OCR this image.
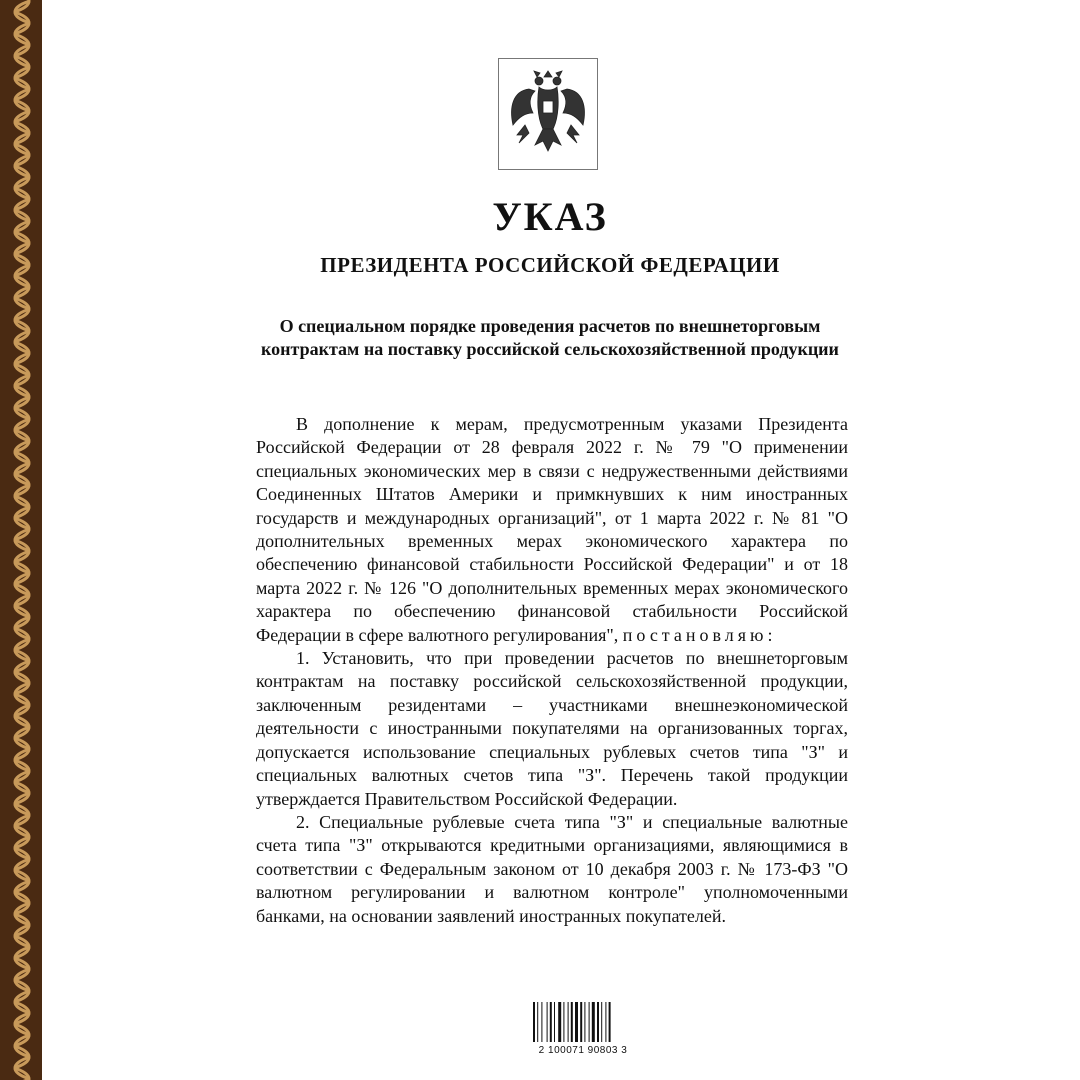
УКАЗ
ПРЕЗИДЕНТА РОССИЙСКОЙ ФЕДЕРАЦИИ
О специальном порядке проведения расчетов по внешнеторговым контрактам на поставку российской сельскохозяйственной продукции

В дополнение к мерам, предусмотренным указами Президента Российской Федерации от 28 февраля 2022 г. № 79 "О применении специальных экономических мер в связи с недружественными действиями Соединенных Штатов Америки и примкнувших к ним иностранных государств и международных организаций", от 1 марта 2022 г. № 81 "О дополнительных временных мерах экономического характера по обеспечению финансовой стабильности Российской Федерации" и от 18 марта 2022 г. № 126 "О дополнительных временных мерах экономического характера по обеспечению финансовой стабильности Российской Федерации в сфере валютного регулирования", постановляю:

1. Установить, что при проведении расчетов по внешнеторговым контрактам на поставку российской сельскохозяйственной продукции, заключенным резидентами – участниками внешнеэкономической деятельности с иностранными покупателями на организованных торгах, допускается использование специальных рублевых счетов типа "З" и специальных валютных счетов типа "З". Перечень такой продукции утверждается Правительством Российской Федерации.

2. Специальные рублевые счета типа "З" и специальные валютные счета типа "З" открываются кредитными организациями, являющимися в соответствии с Федеральным законом от 10 декабря 2003 г. № 173-ФЗ "О валютном регулировании и валютном контроле" уполномоченными банками, на основании заявлений иностранных покупателей.

2 100071 90803 3
